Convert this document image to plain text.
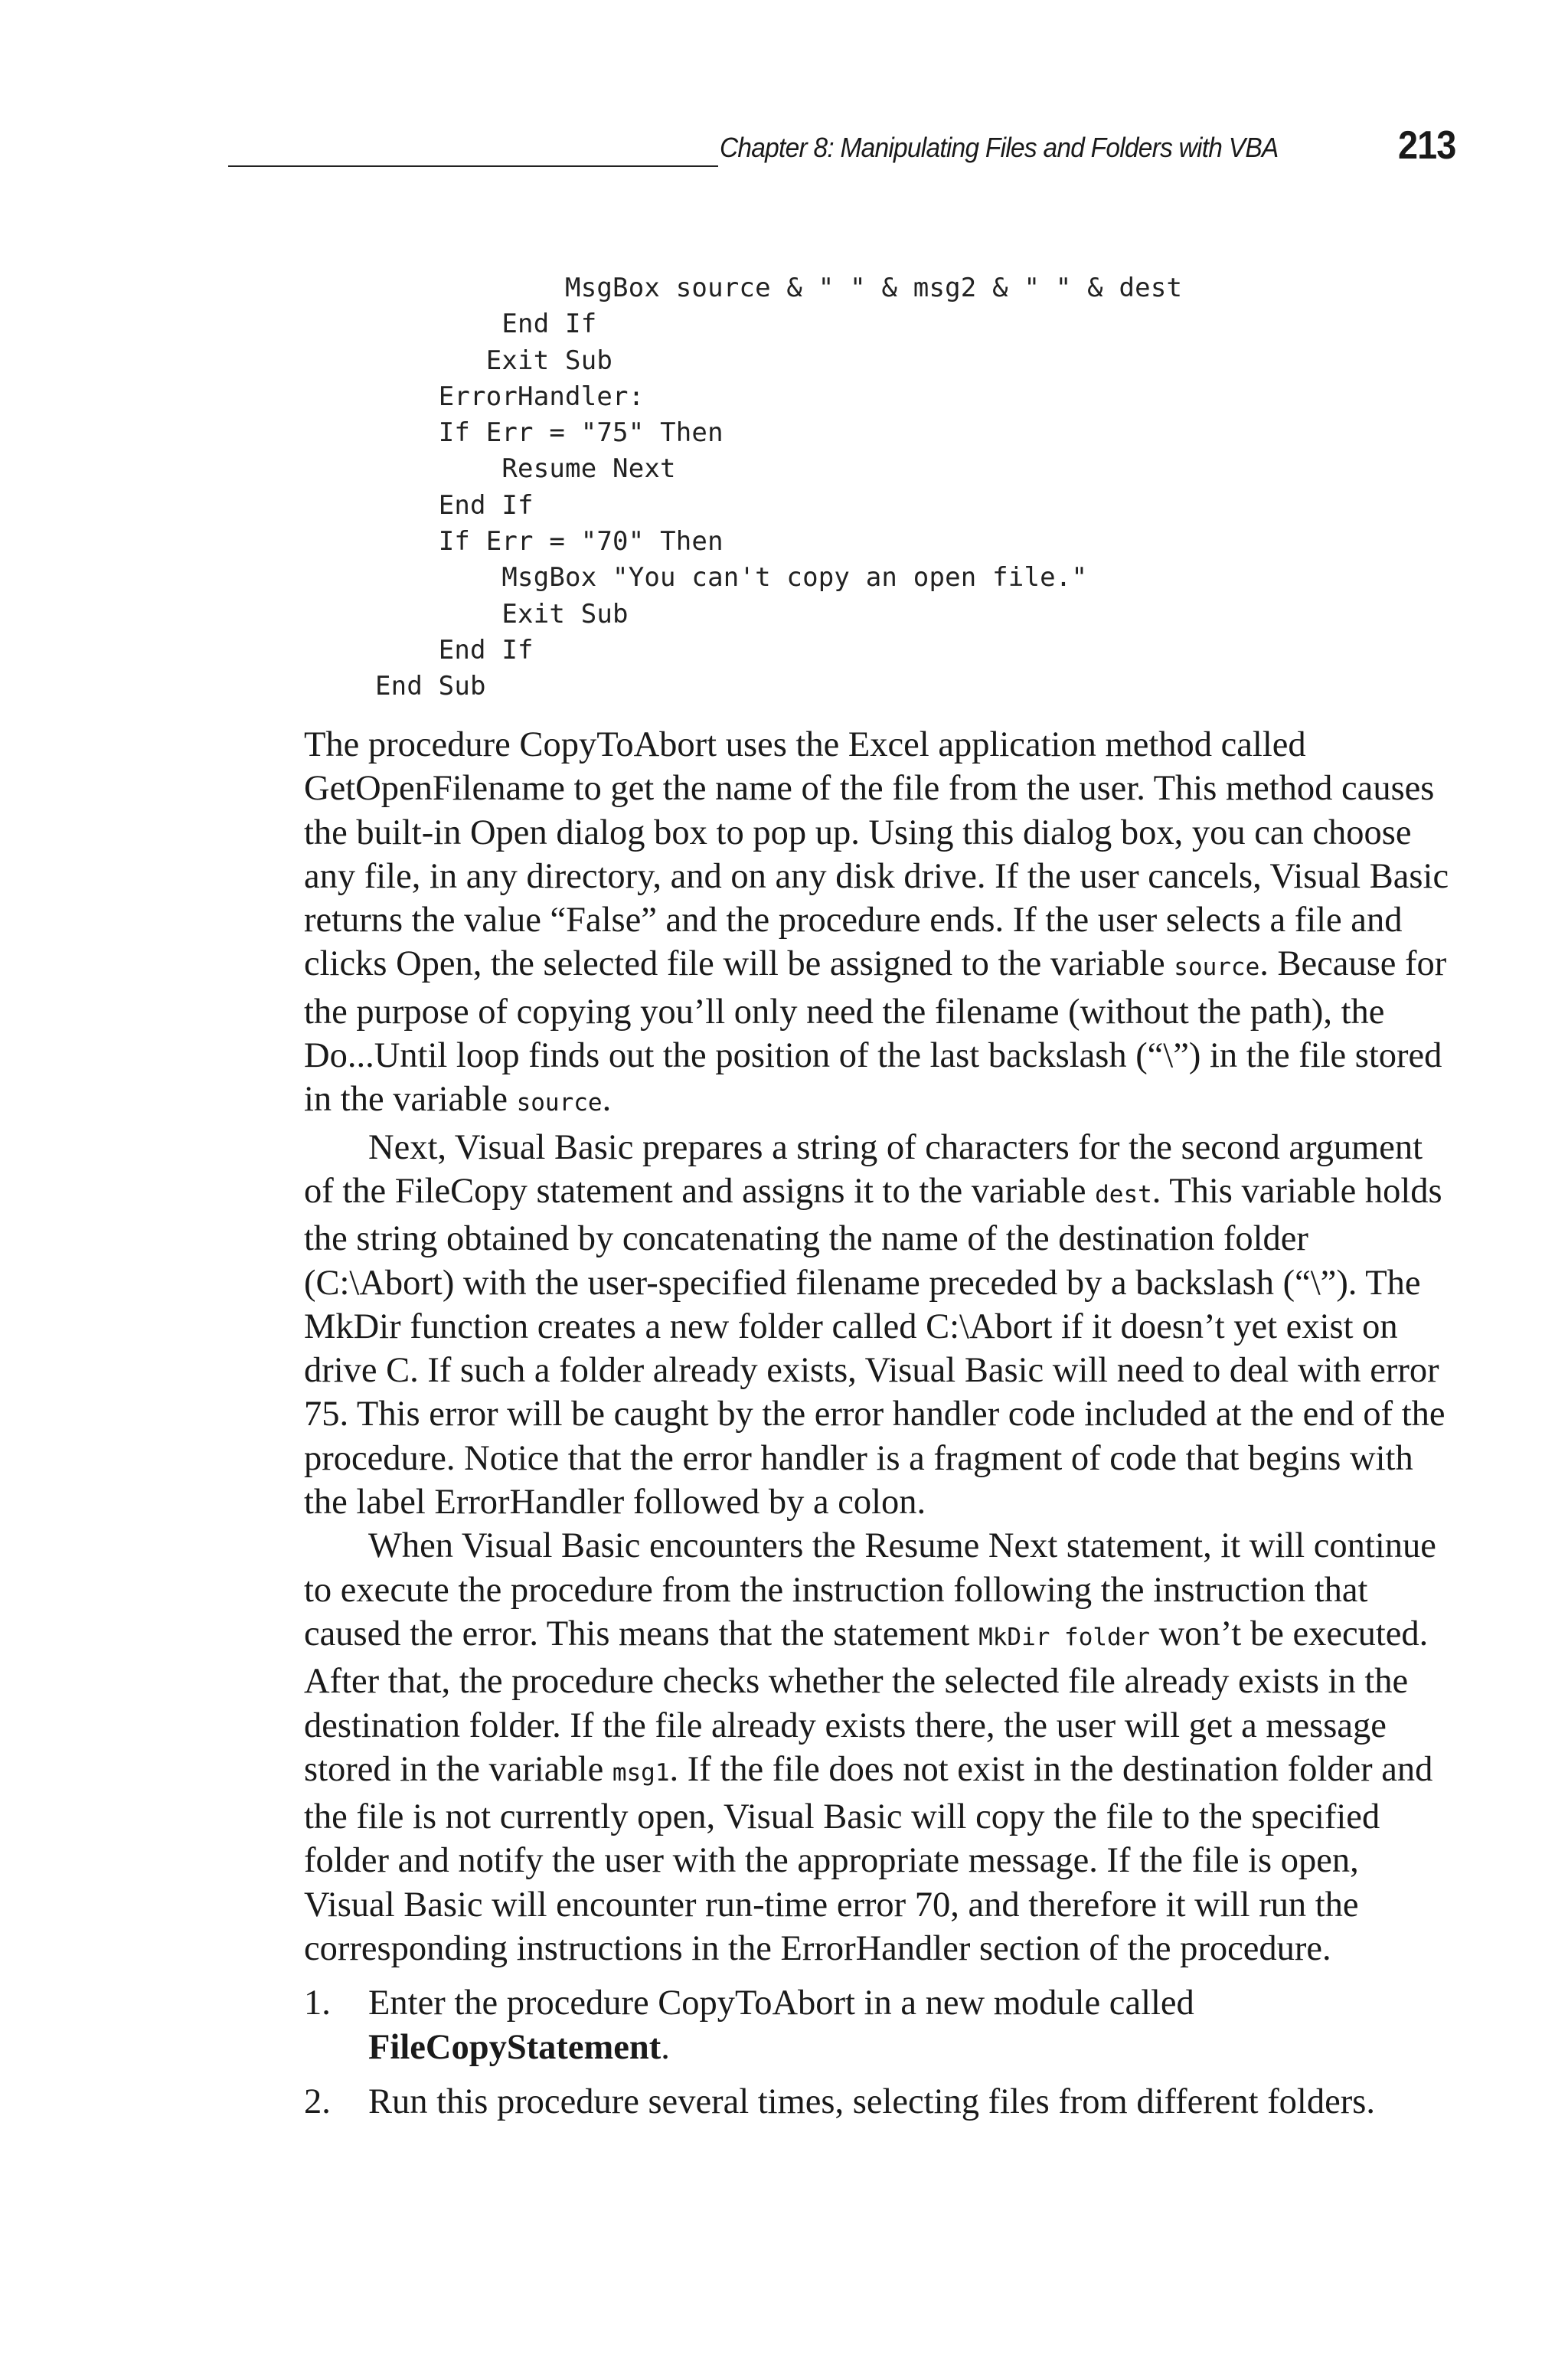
Chapter 8: Manipulating Files and Folders with VBA	213
MsgBox source & " " & msg2 & " " & dest
End If
Exit Sub
ErrorHandler:
If Err = "75" Then
Resume Next
End If
If Err = "70" Then
MsgBox "You can't copy an open file."
Exit Sub
End If
End Sub

The procedure CopyToAbort uses the Excel application method called GetOpenFilename to get the name of the file from the user. This method causes the built-in Open dialog box to pop up. Using this dialog box, you can choose any file, in any directory, and on any disk drive. If the user cancels, Visual Basic returns the value “False” and the procedure ends. If the user selects a file and clicks Open, the selected file will be assigned to the variable source. Because for the purpose of copying you’ll only need the filename (without the path), the Do...Until loop finds out the position of the last backslash (“\”) in the file stored in the variable source.

Next, Visual Basic prepares a string of characters for the second argument of the FileCopy statement and assigns it to the variable dest. This variable holds the string obtained by concatenating the name of the destination folder (C:\Abort) with the user-specified filename preceded by a backslash (“\”). The MkDir function creates a new folder called C:\Abort if it doesn’t yet exist on drive C. If such a folder already exists, Visual Basic will need to deal with error 75. This error will be caught by the error handler code included at the end of the procedure. Notice that the error handler is a fragment of code that begins with the label ErrorHandler followed by a colon.

When Visual Basic encounters the Resume Next statement, it will continue to execute the procedure from the instruction following the instruction that caused the error. This means that the statement MkDir folder won’t be executed. After that, the procedure checks whether the selected file already exists in the destination folder. If the file already exists there, the user will get a message stored in the variable msg1. If the file does not exist in the destination folder and the file is not currently open, Visual Basic will copy the file to the specified folder and notify the user with the appropriate message. If the file is open, Visual Basic will encounter run-time error 70, and therefore it will run the corresponding instructions in the ErrorHandler section of the procedure.

1. Enter the procedure CopyToAbort in a new module called FileCopyStatement.
2. Run this procedure several times, selecting files from different folders.
